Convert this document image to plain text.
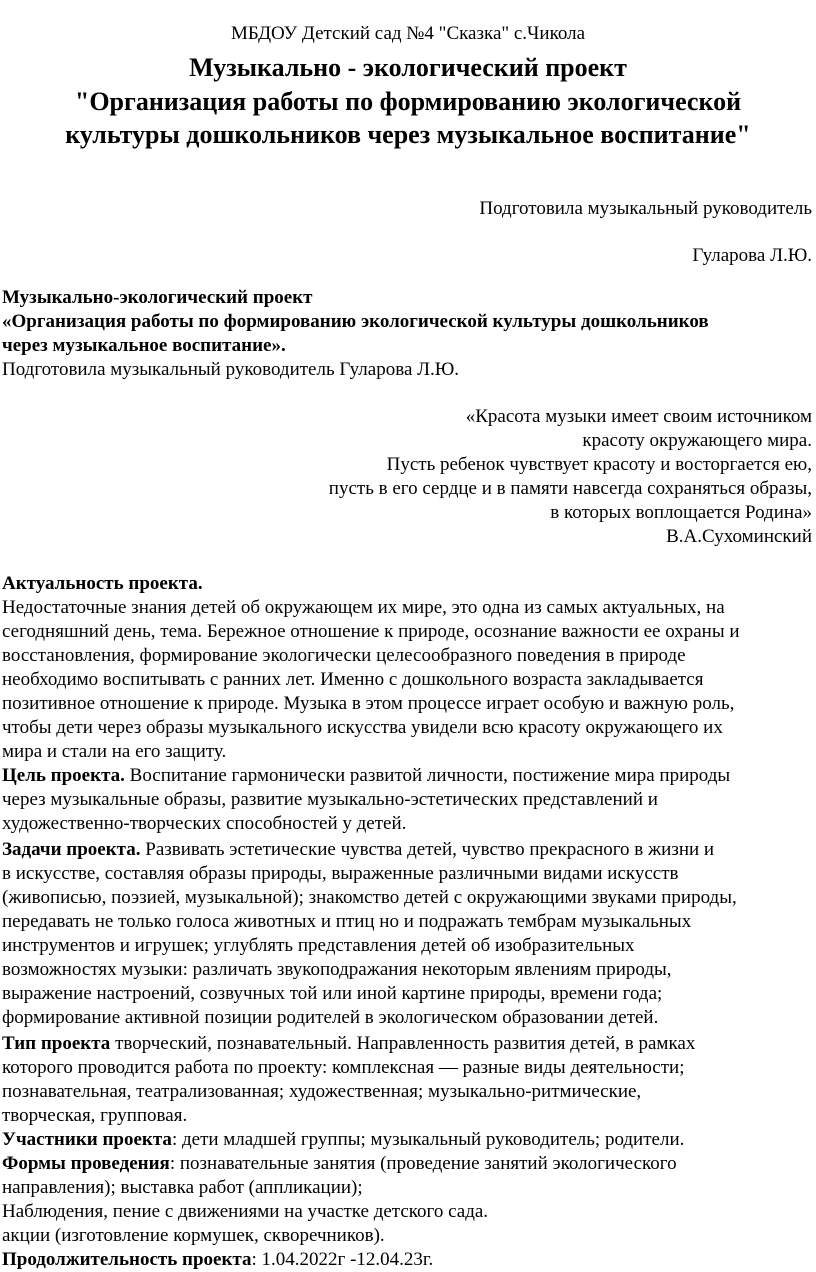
МБДОУ Детский сад №4 "Сказка" с.Чикола
Музыкально - экологический проект
"Организация работы по формированию экологической
культуры дошкольников через музыкальное воспитание"
Подготовила музыкальный руководитель
Гуларова Л.Ю.
Музыкально-экологический проект
«Организация работы по формированию экологической культуры дошкольников
через музыкальное воспитание».
Подготовила музыкальный руководитель Гуларова Л.Ю.
«Красота музыки имеет своим источником
красоту окружающего мира.
Пусть ребенок чувствует красоту и восторгается ею,
пусть в его сердце и в памяти навсегда сохраняться образы,
в которых воплощается Родина»
В.А.Сухоминский
Актуальность проекта.
Недостаточные знания детей об окружающем их мире, это одна из самых актуальных, на
сегодняшний день, тема. Бережное отношение к природе, осознание важности ее охраны и
восстановления, формирование экологически целесообразного поведения в природе
необходимо воспитывать с ранних лет. Именно с дошкольного возраста закладывается
позитивное отношение к природе. Музыка в этом процессе играет особую и важную роль,
чтобы дети через образы музыкального искусства увидели всю красоту окружающего их
мира и стали на его защиту.
Цель проекта. Воспитание гармонически развитой личности, постижение мира природы
через музыкальные образы, развитие музыкально-эстетических представлений и
художественно-творческих способностей у детей.
Задачи проекта. Развивать эстетические чувства детей, чувство прекрасного в жизни и
в искусстве, составляя образы природы, выраженные различными видами искусств
(живописью, поэзией, музыкальной); знакомство детей с окружающими звуками природы,
передавать не только голоса животных и птиц но и подражать тембрам музыкальных
инструментов и игрушек; углублять представления детей об изобразительных
возможностях музыки: различать звукоподражания некоторым явлениям природы,
выражение настроений, созвучных той или иной картине природы, времени года;
формирование активной позиции родителей в экологическом образовании детей.
Тип проекта творческий, познавательный. Направленность развития детей, в рамках
которого проводится работа по проекту: комплексная — разные виды деятельности;
познавательная, театрализованная; художественная; музыкально-ритмические,
творческая, групповая.
Участники проекта: дети младшей группы; музыкальный руководитель; родители.
Формы проведения: познавательные занятия (проведение занятий экологического
направления); выставка работ (аппликации);
Наблюдения, пение с движениями на участке детского сада.
акции (изготовление кормушек, скворечников).
Продолжительность проекта: 1.04.2022г -12.04.23г.
